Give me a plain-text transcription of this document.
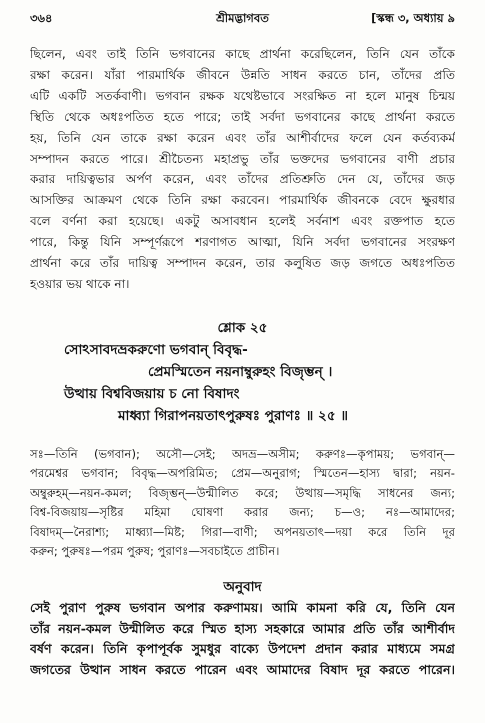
৩৬৪	শ্রীমদ্ভাগবত	[স্কন্ধ ৩, অধ্যায় ৯
ছিলেন, এবং তাই তিনি ভগবানের কাছে প্রার্থনা করেছিলেন, তিনি যেন তাঁকে
রক্ষা করেন। যাঁরা পারমার্থিক জীবনে উন্নতি সাধন করতে চান, তাঁদের প্রতি
এটি একটি সতর্কবাণী। ভগবান রক্ষক যথেষ্টভাবে সংরক্ষিত না হলে মানুষ চিন্ময়
স্থিতি থেকে অধঃপতিত হতে পারে; তাই সর্বদা ভগবানের কাছে প্রার্থনা করতে
হয়, তিনি যেন তাকে রক্ষা করেন এবং তাঁর আশীর্বাদের ফলে যেন কর্তব্যকর্ম
সম্পাদন করতে পারে। শ্রীচৈতন্য মহাপ্রভু তাঁর ভক্তদের ভগবানের বাণী প্রচার
করার দায়িত্বভার অর্পণ করেন, এবং তাঁদের প্রতিশ্রুতি দেন যে, তাঁদের জড়
আসক্তির আক্রমণ থেকে তিনি রক্ষা করবেন। পারমার্থিক জীবনকে বেদে ক্ষুরধার
বলে বর্ণনা করা হয়েছে। একটু অসাবধান হলেই সর্বনাশ এবং রক্তপাত হতে
পারে, কিন্তু যিনি সম্পূর্ণরূপে শরণাগত আত্মা, যিনি সর্বদা ভগবানের সংরক্ষণ
প্রার্থনা করে তাঁর দায়িত্ব সম্পাদন করেন, তার কলুষিত জড় জগতে অধঃপতিত
হওয়ার ভয় থাকে না।
শ্লোক ২৫
সোঽসাবদভ্রকরুণো ভগবান্ বিবৃদ্ধ-
প্রেমস্মিতেন নয়নাম্বুরুহং বিজৃম্ভন্ ।
উত্থায় বিশ্ববিজয়ায় চ নো বিষাদং
মাধ্ব্যা গিরাপনয়তাৎপুরুষঃ পুরাণঃ ॥ ২৫ ॥
সঃ—তিনি (ভগবান); অসৌ—সেই; অদভ্র—অসীম; করুণঃ—কৃপাময়; ভগবান্—
পরমেশ্বর ভগবান; বিবৃদ্ধ—অপরিমিত; প্রেম—অনুরাগ; স্মিতেন—হাস্য দ্বারা; নয়ন-
অম্বুরুহম্—নয়ন-কমল; বিজৃম্ভন্—উন্মীলিত করে; উত্থায়—সমৃদ্ধি সাধনের জন্য;
বিশ্ব-বিজয়ায়—সৃষ্টির মহিমা ঘোষণা করার জন্য; চ—ও; নঃ—আমাদের;
বিষাদম্—নৈরাশ্য; মাধ্ব্যা—মিষ্ট; গিরা—বাণী; অপনয়তাৎ—দয়া করে তিনি দূর
করুন; পুরুষঃ—পরম পুরুষ; পুরাণঃ—সবচাইতে প্রাচীন।
অনুবাদ
সেই পুরাণ পুরুষ ভগবান অপার করুণাময়। আমি কামনা করি যে, তিনি যেন
তাঁর নয়ন-কমল উন্মীলিত করে স্মিত হাস্য সহকারে আমার প্রতি তাঁর আশীর্বাদ
বর্ষণ করেন। তিনি কৃপাপূর্বক সুমধুর বাক্যে উপদেশ প্রদান করার মাধ্যমে সমগ্র
জগতের উত্থান সাধন করতে পারেন এবং আমাদের বিষাদ দূর করতে পারেন।
